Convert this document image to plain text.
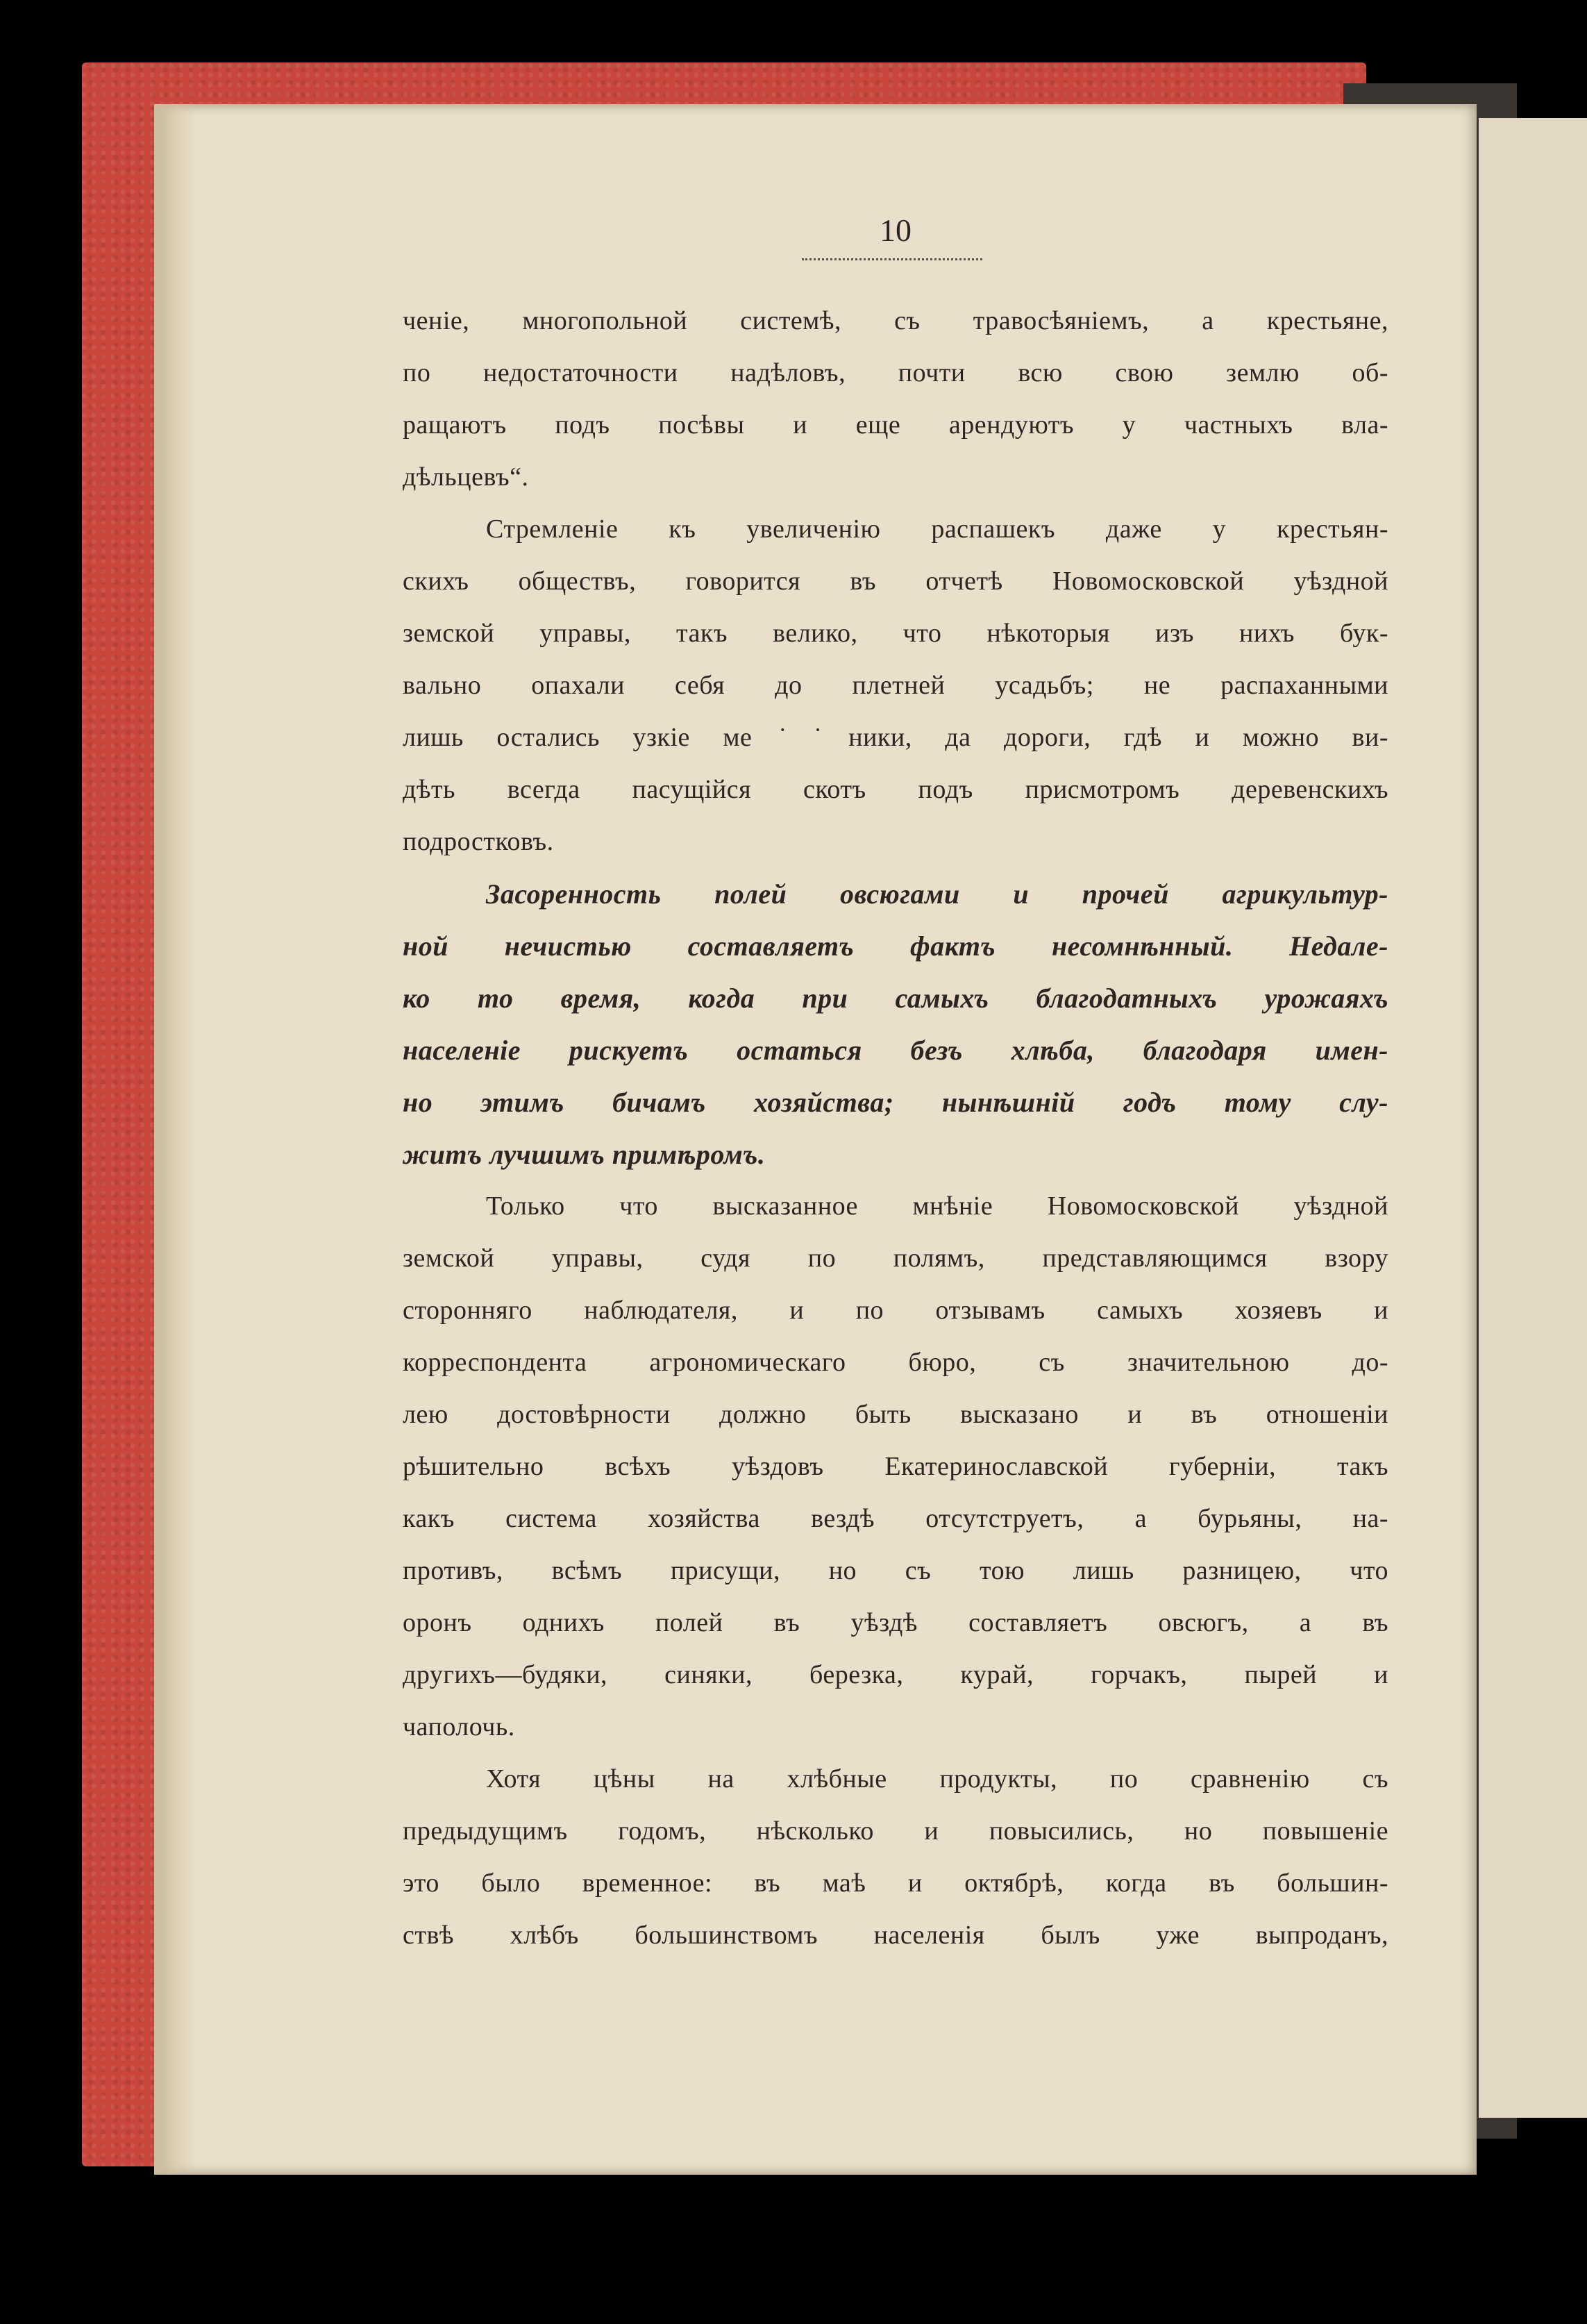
10
ченіе, многопольной системѣ, съ травосѣяніемъ, а крестьяне,
по недостаточности надѣловъ, почти всю свою землю об-
ращаютъ подъ посѣвы и еще арендуютъ у частныхъ вла-
дѣльцевъ“.
Стремленіе къ увеличенію распашекъ даже у крестьян-
скихъ обществъ, говорится въ отчетѣ Новомосковской уѣздной
земской управы, такъ велико, что нѣкоторыя изъ нихъ бук-
вально опахали себя до плетней усадьбъ; не распаханными
лишь остались узкіе ме˙˙ники, да дороги, гдѣ и можно ви-
дѣть всегда пасущійся скотъ подъ присмотромъ деревенскихъ
подростковъ.
Засоренность полей овсюгами и прочей агрикультур-
ной нечистью составляетъ фактъ несомнѣнный. Недале-
ко то время, когда при самыхъ благодатныхъ урожаяхъ
населеніе рискуетъ остаться безъ хлѣба, благодаря имен-
но этимъ бичамъ хозяйства; нынѣшній годъ тому слу-
житъ лучшимъ примѣромъ.
Только что высказанное мнѣніе Новомосковской уѣздной
земской управы, судя по полямъ, представляющимся взору
сторонняго наблюдателя, и по отзывамъ самыхъ хозяевъ и
корреспондента агрономическаго бюро, съ значительною до-
лею достовѣрности должно быть высказано и въ отношеніи
рѣшительно всѣхъ уѣздовъ Екатеринославской губерніи, такъ
какъ система хозяйства вездѣ отсутструетъ, а бурьяны, на-
противъ, всѣмъ присущи, но съ тою лишь разницею, что
оронъ однихъ полей въ уѣздѣ составляетъ овсюгъ, а въ
другихъ—будяки, синяки, березка, курай, горчакъ, пырей и
чаполочь.
Хотя цѣны на хлѣбные продукты, по сравненію съ
предыдущимъ годомъ, нѣсколько и повысились, но повышеніе
это было временное: въ маѣ и октябрѣ, когда въ большин-
ствѣ хлѣбъ большинствомъ населенія былъ уже выпроданъ,
